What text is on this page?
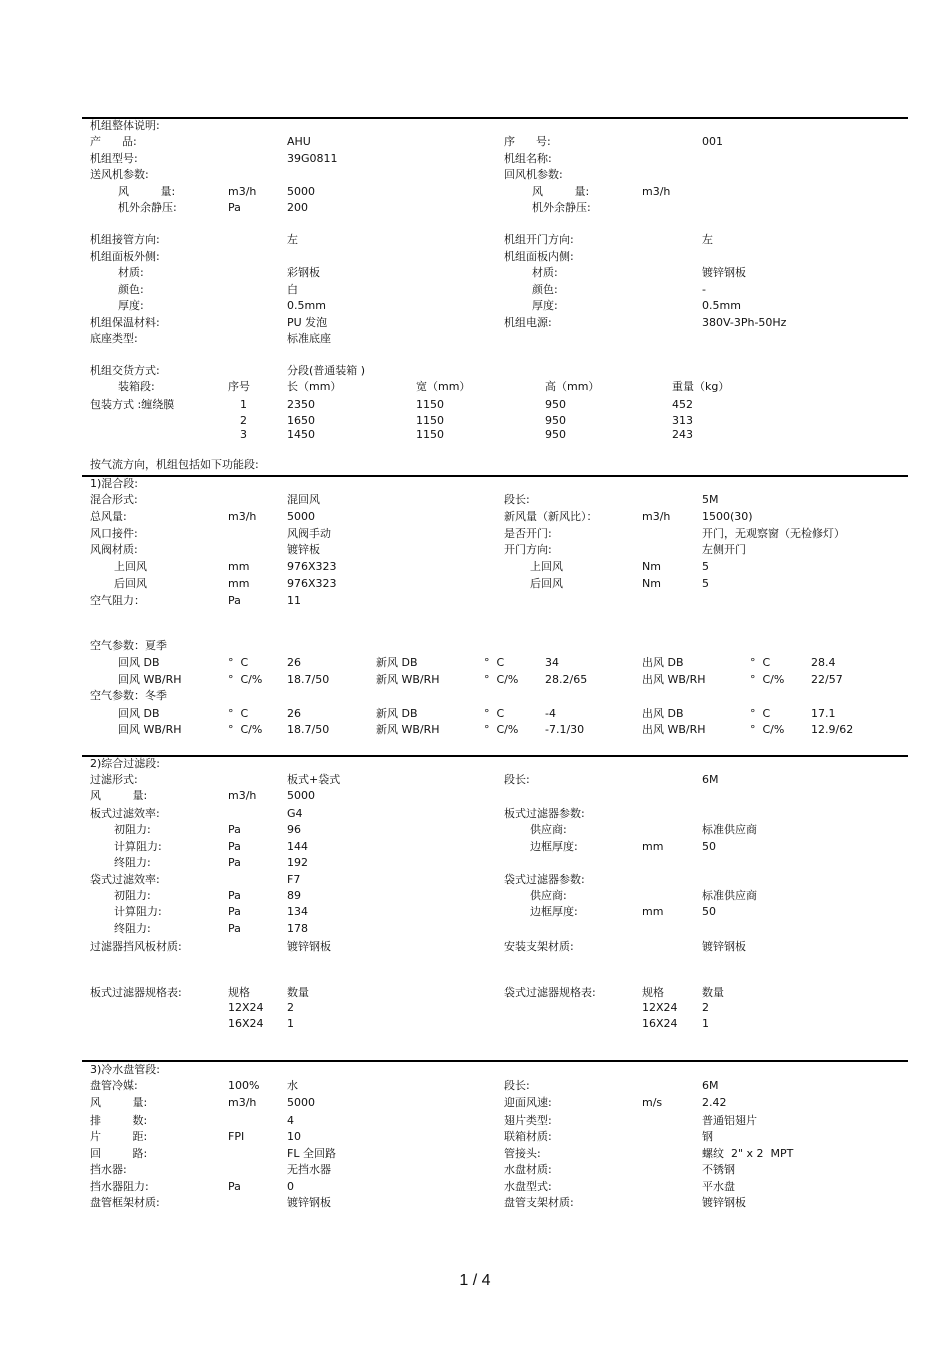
机组整体说明:
产      品:	AHU	序      号:	001
机组型号:	39G0811	机组名称:
送风机参数:	回风机参数:
风         量:	m3/h	5000	风         量:	m3/h
机外余静压:	Pa	200	机外余静压:
机组接管方向:	左	机组开门方向:	左
机组面板外侧:	机组面板内侧:
材质:	彩钢板	材质:	镀锌钢板
颜色:	白	颜色:	-
厚度:	0.5mm	厚度:	0.5mm
机组保温材料:	PU 发泡	机组电源:	380V-3Ph-50Hz
底座类型:	标准底座
机组交货方式:	分段(普通装箱 )
装箱段:	序号	长（mm）	宽（mm）	高（mm）	重量（kg）
包装方式 :缠绕膜	1	2350	1150	950	452
2	1650	1150	950	313
3	1450	1150	950	243
按气流方向，机组包括如下功能段:
1)混合段:
混合形式:	混回风	段长:	5M
总风量:	m3/h	5000	新风量（新风比）：	m3/h	1500(30)
风口接件:	风阀手动	是否开门:	开门，无观察窗（无检修灯）
风阀材质:	镀锌板	开门方向:	左侧开门
上回风	mm	976X323	上回风	Nm	5
后回风	mm	976X323	后回风	Nm	5
空气阻力：	Pa	11
空气参数：夏季
回风 DB	°  C	26	新风 DB	°  C	34	出风 DB	°  C	28.4
回风 WB/RH	°  C/% 18.7/50	新风 WB/RH	°  C/% 28.2/65	出风 WB/RH	°  C/% 22/57
空气参数：冬季
回风 DB	°  C	26	新风 DB	°  C	-4	出风 DB	°  C	17.1
回风 WB/RH	°  C/% 18.7/50	新风 WB/RH	°  C/% -7.1/30	出风 WB/RH	°  C/% 12.9/62
2)综合过滤段:
过滤形式:	板式+袋式	段长:	6M
风         量:	m3/h	5000
板式过滤效率:	G4	板式过滤器参数:
初阻力:	Pa	96	供应商:	标准供应商
计算阻力:	Pa	144	边框厚度:	mm	50
终阻力:	Pa	192
袋式过滤效率:	F7	袋式过滤器参数:
初阻力:	Pa	89	供应商:	标准供应商
计算阻力:	Pa	134	边框厚度:	mm	50
终阻力:	Pa	178
过滤器挡风板材质:	镀锌钢板	安装支架材质:	镀锌钢板
板式过滤器规格表:	规格	数量	袋式过滤器规格表:	规格	数量
12X24 2	12X24 2
16X24 1	16X24 1
3)冷水盘管段:
盘管冷媒:	100%	水	段长:	6M
风         量:	m3/h	5000	迎面风速:	m/s	2.42
排         数:	4	翅片类型:	普通铝翅片
片         距:	FPI	10	联箱材质:	钢
回         路:	FL 全回路	管接头:	螺纹  2" x 2  MPT
挡水器:	无挡水器	水盘材质:	不锈钢
挡水器阻力:	Pa	0	水盘型式:	平水盘
盘管框架材质:	镀锌钢板	盘管支架材质:	镀锌钢板
1 / 4
